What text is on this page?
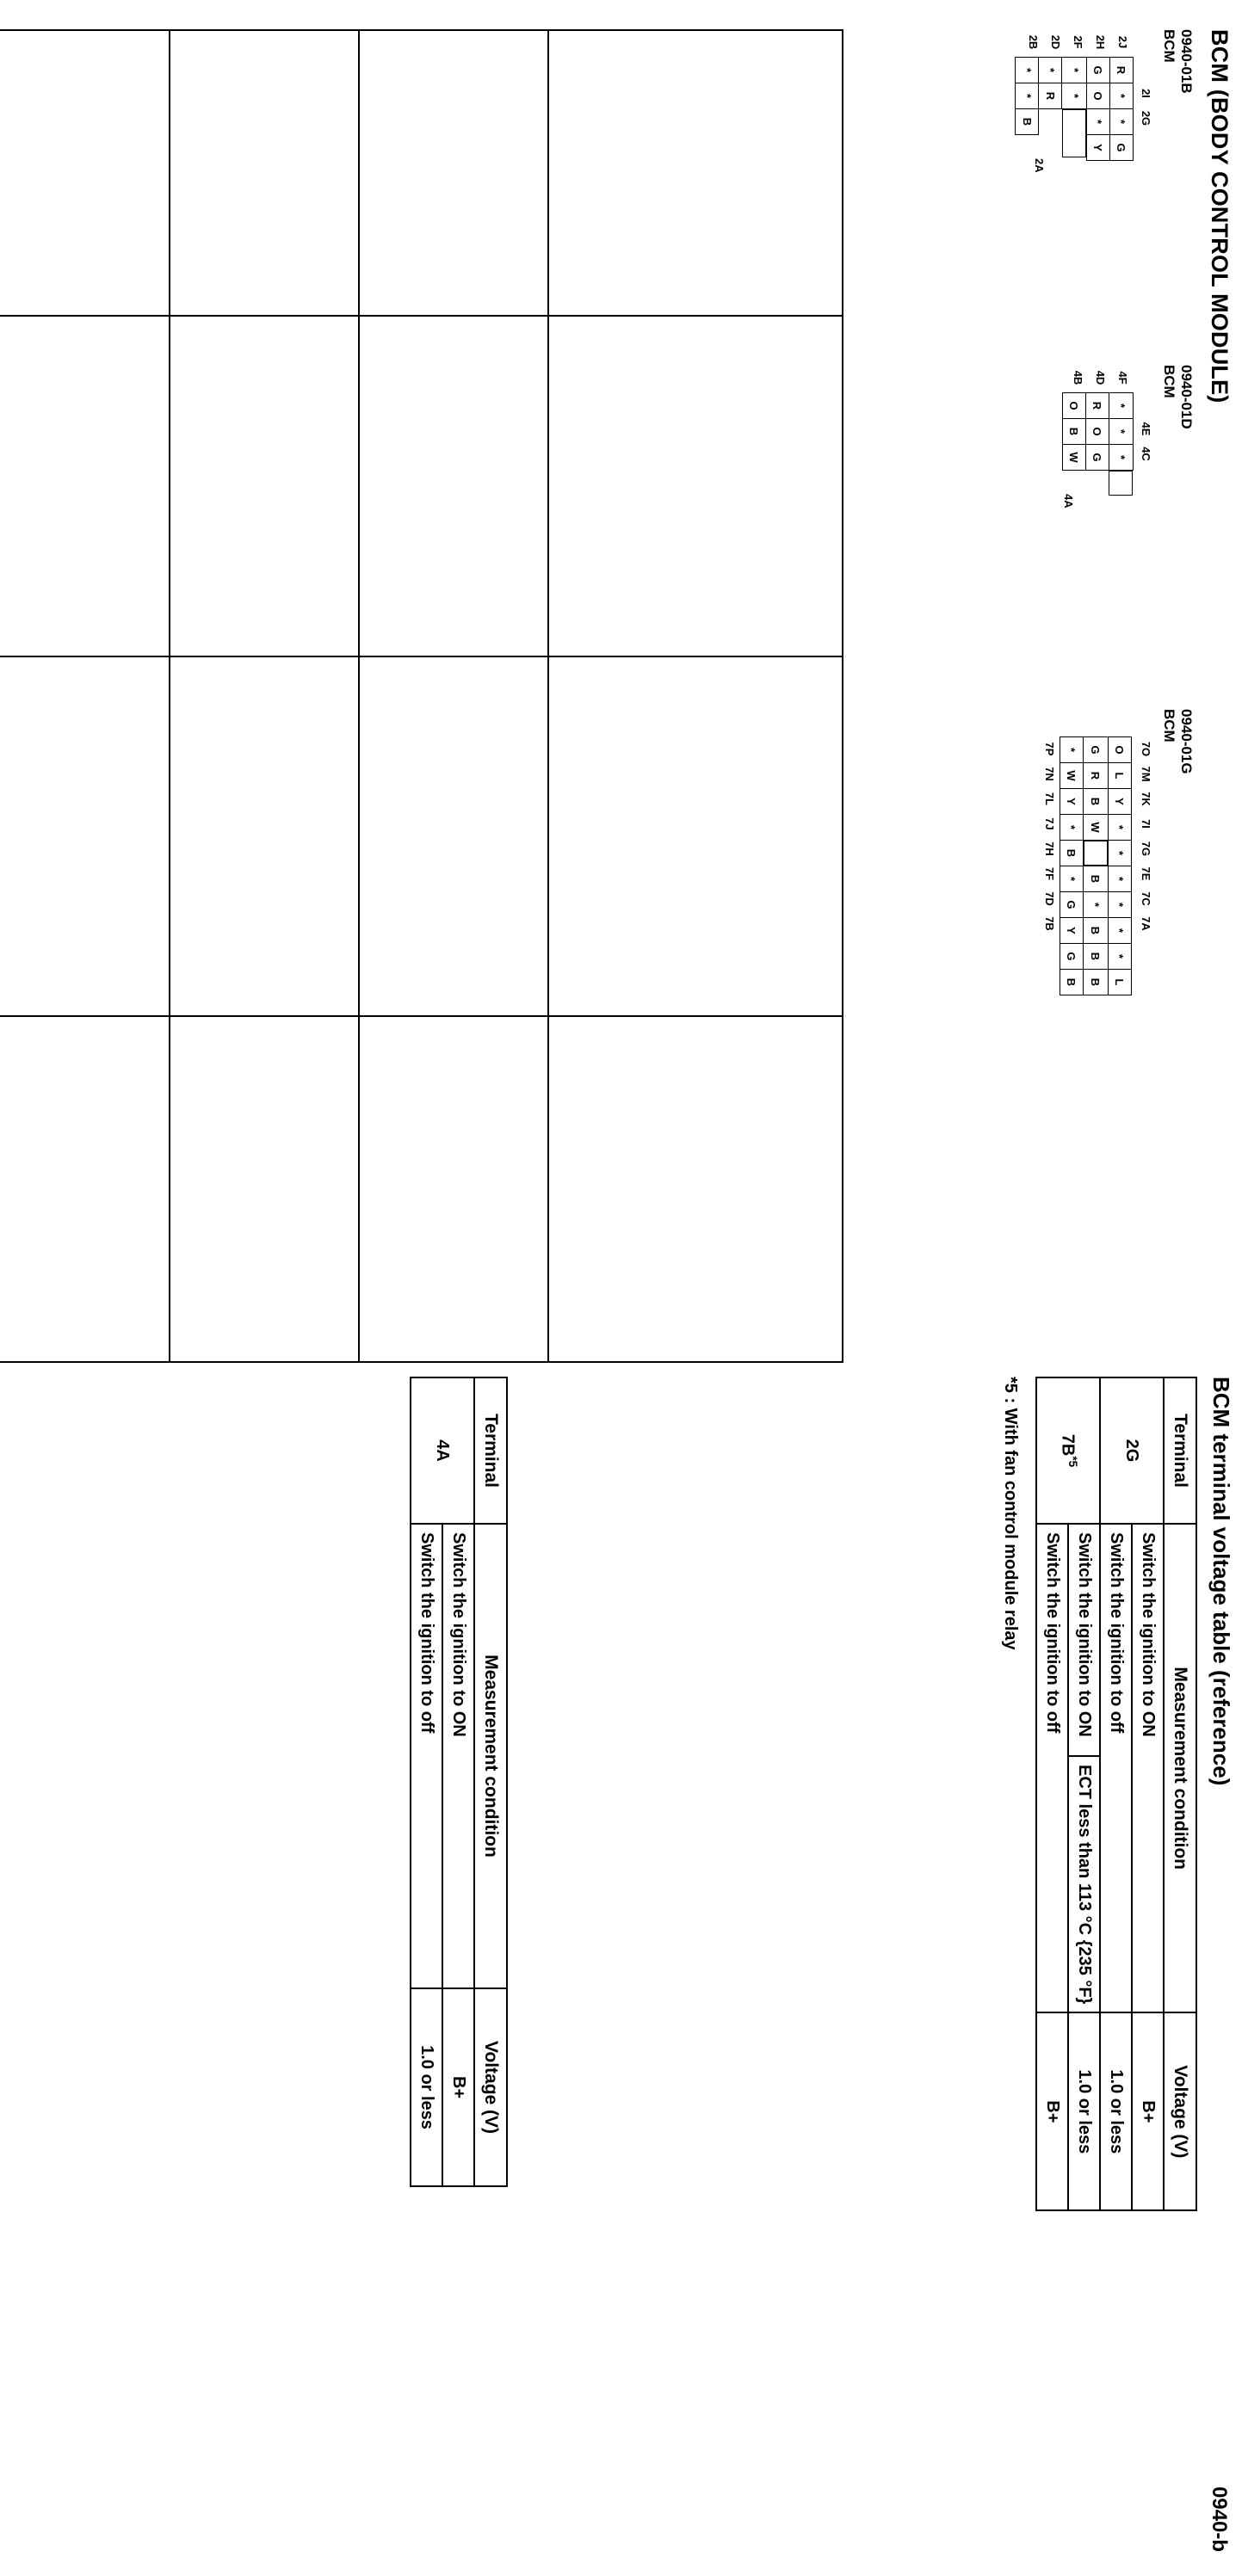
BCM (BODY CONTROL MODULE)
0940-b
0940-01B
BCM
2I
2G
2J
2H
2F
2D
2B
R	*	*	G
G	O	*	Y
*	*		

*	R		
*	*	B	
2A
0940-01D
BCM
4E
4C
4F
4D
4B
*	*	*	

R	O	G	
O	B	W	
4A
0940-01G
BCM
7O
7M
7K
7I
7G
7E
7C
7A
7P
7N
7L
7J
7H
7F
7D
7B
O	L	Y	*	*	*	*	*	*	L
G	R	B	W		B	*	B	B	B
*	W	Y	*	B	*	G	Y	G	B

BCM terminal voltage table (reference)
Terminal	Measurement condition		Voltage (V)
2G	Switch the ignition to ON		B+
	Switch the ignition to off		1.0 or less
$7B^{*5}$	Switch the ignition to ON	ECT less than 113 °C {235 °F}	1.0 or less
	Switch the ignition to off		B+
*5 : With fan control module relay
Terminal	Measurement condition	Voltage (V)
4A	Switch the ignition to ON	B+
	Switch the ignition to off	1.0 or less
